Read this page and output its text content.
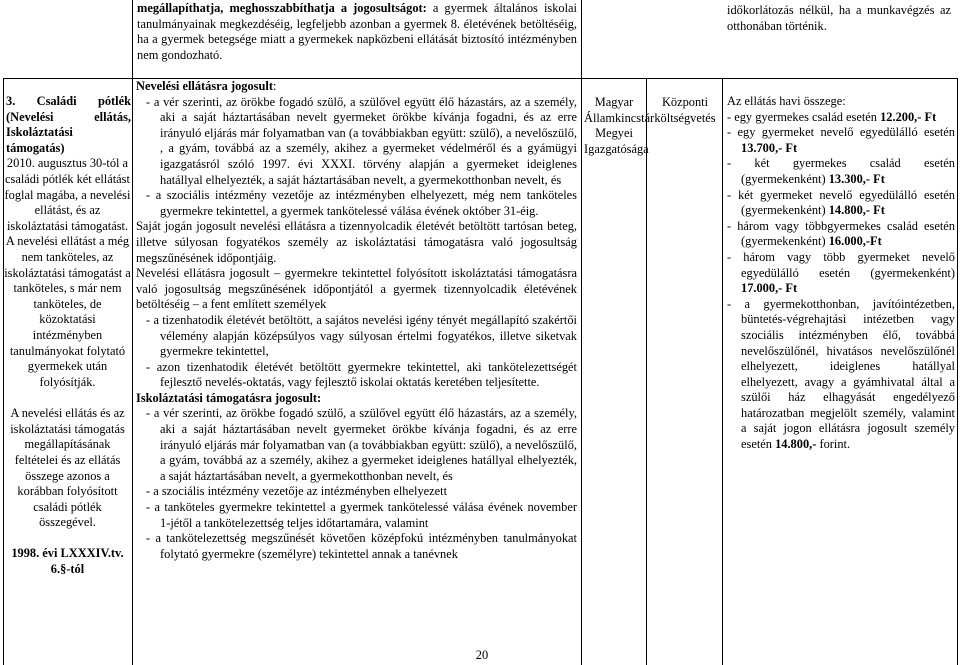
megállapíthatja, meghosszabbíthatja a jogosultságot: a gyermek általános iskolai tanulmányainak megkezdéséig, legfeljebb azonban a gyermek 8. életévének betöltéséig, ha a gyermek betegsége miatt a gyermekek napközbeni ellátását biztosító intézményben nem gondozható.
időkorlátozás nélkül, ha a munkavégzés az otthonában történik.

3. Családi pótlék (Nevelési ellátás, Iskoláztatási támogatás)

2010. augusztus 30-tól a családi pótlék két ellátást foglal magába, a nevelési ellátást, és az iskoláztatási támogatást.

A nevelési ellátást a még nem tanköteles, az iskoláztatási támogatást a tanköteles, s már nem tanköteles, de közoktatási intézményben tanulmányokat folytató gyermekek után folyósítják.

A nevelési ellátás és az iskoláztatási támogatás megállapításának feltételei és az ellátás összege azonos a korábban folyósított családi pótlék összegével.

1998. évi LXXXIV.tv. 6.§-tól

Nevelési ellátásra jogosult:

- a vér szerinti, az örökbe fogadó szülő, a szülővel együtt élő házastárs, az a személy, aki a saját háztartásában nevelt gyermeket örökbe kívánja fogadni, és az erre irányuló eljárás már folyamatban van (a továbbiakban együtt: szülő), a nevelőszülő, , a gyám, továbbá az a személy, akihez a gyermeket védelméről és a gyámügyi igazgatásról szóló 1997. évi XXXI. törvény alapján a gyermeket ideiglenes hatállyal elhelyezték, a saját háztartásában nevelt, a gyermekotthonban nevelt, és

- a szociális intézmény vezetője az intézményben elhelyezett, még nem tanköteles gyermekre tekintettel, a gyermek tankötelessé válása évének október 31-éig.

Saját jogán jogosult nevelési ellátásra a tizennyolcadik életévét betöltött tartósan beteg, illetve súlyosan fogyatékos személy az iskoláztatási támogatásra való jogosultság megszűnésének időpontjáig.

Nevelési ellátásra jogosult – gyermekre tekintettel folyósított iskoláztatási támogatásra való jogosultság megszűnésének időpontjától a gyermek tizennyolcadik életévének betöltéséig – a fent említett személyek

- a tizenhatodik életévét betöltött, a sajátos nevelési igény tényét megállapító szakértői vélemény alapján középsúlyos vagy súlyosan értelmi fogyatékos, illetve siketvak gyermekre tekintettel,

- azon tizenhatodik életévét betöltött gyermekre tekintettel, aki tankötelezettségét fejlesztő nevelés-oktatás, vagy fejlesztő iskolai oktatás keretében teljesítette.

Iskoláztatási támogatásra jogosult:

- a vér szerinti, az örökbe fogadó szülő, a szülővel együtt élő házastárs, az a személy, aki a saját háztartásában nevelt gyermeket örökbe kívánja fogadni, és az erre irányuló eljárás már folyamatban van (a továbbiakban együtt: szülő), a nevelőszülő, a gyám, továbbá az a személy, akihez a gyermeket ideiglenes hatállyal elhelyezték, a saját háztartásában nevelt, a gyermekotthonban nevelt, és

- a szociális intézmény vezetője az intézményben elhelyezett

- a tanköteles gyermekre tekintettel a gyermek tankötelessé válása évének november 1-jétől a tankötelezettség teljes időtartamára, valamint

- a tankötelezettség megszűnését követően középfokú intézményben tanulmányokat folytató gyermekre (személyre) tekintettel annak a tanévnek

Magyar Államkincstár Megyei Igazgatósága
Központi költségvetés

Az ellátás havi összege:

- egy gyermekes család esetén 12.200,- Ft

- egy gyermeket nevelő egyedülálló esetén 13.700,- Ft

- két gyermekes család esetén (gyermekenként) 13.300,- Ft

- két gyermeket nevelő egyedülálló esetén (gyermekenként) 14.800,- Ft

- három vagy többgyermekes család esetén (gyermekenként) 16.000,-Ft

- három vagy több gyermeket nevelő egyedülálló esetén (gyermekenként) 17.000,- Ft

- a gyermekotthonban, javítóintézetben, büntetés-végrehajtási intézetben vagy szociális intézményben élő, továbbá nevelőszülőnél, hivatásos nevelőszülőnél elhelyezett, ideiglenes hatállyal elhelyezett, avagy a gyámhivatal által a szülői ház elhagyását engedélyező határozatban megjelölt személy, valamint a saját jogon ellátásra jogosult személy esetén 14.800,- forint.

20
